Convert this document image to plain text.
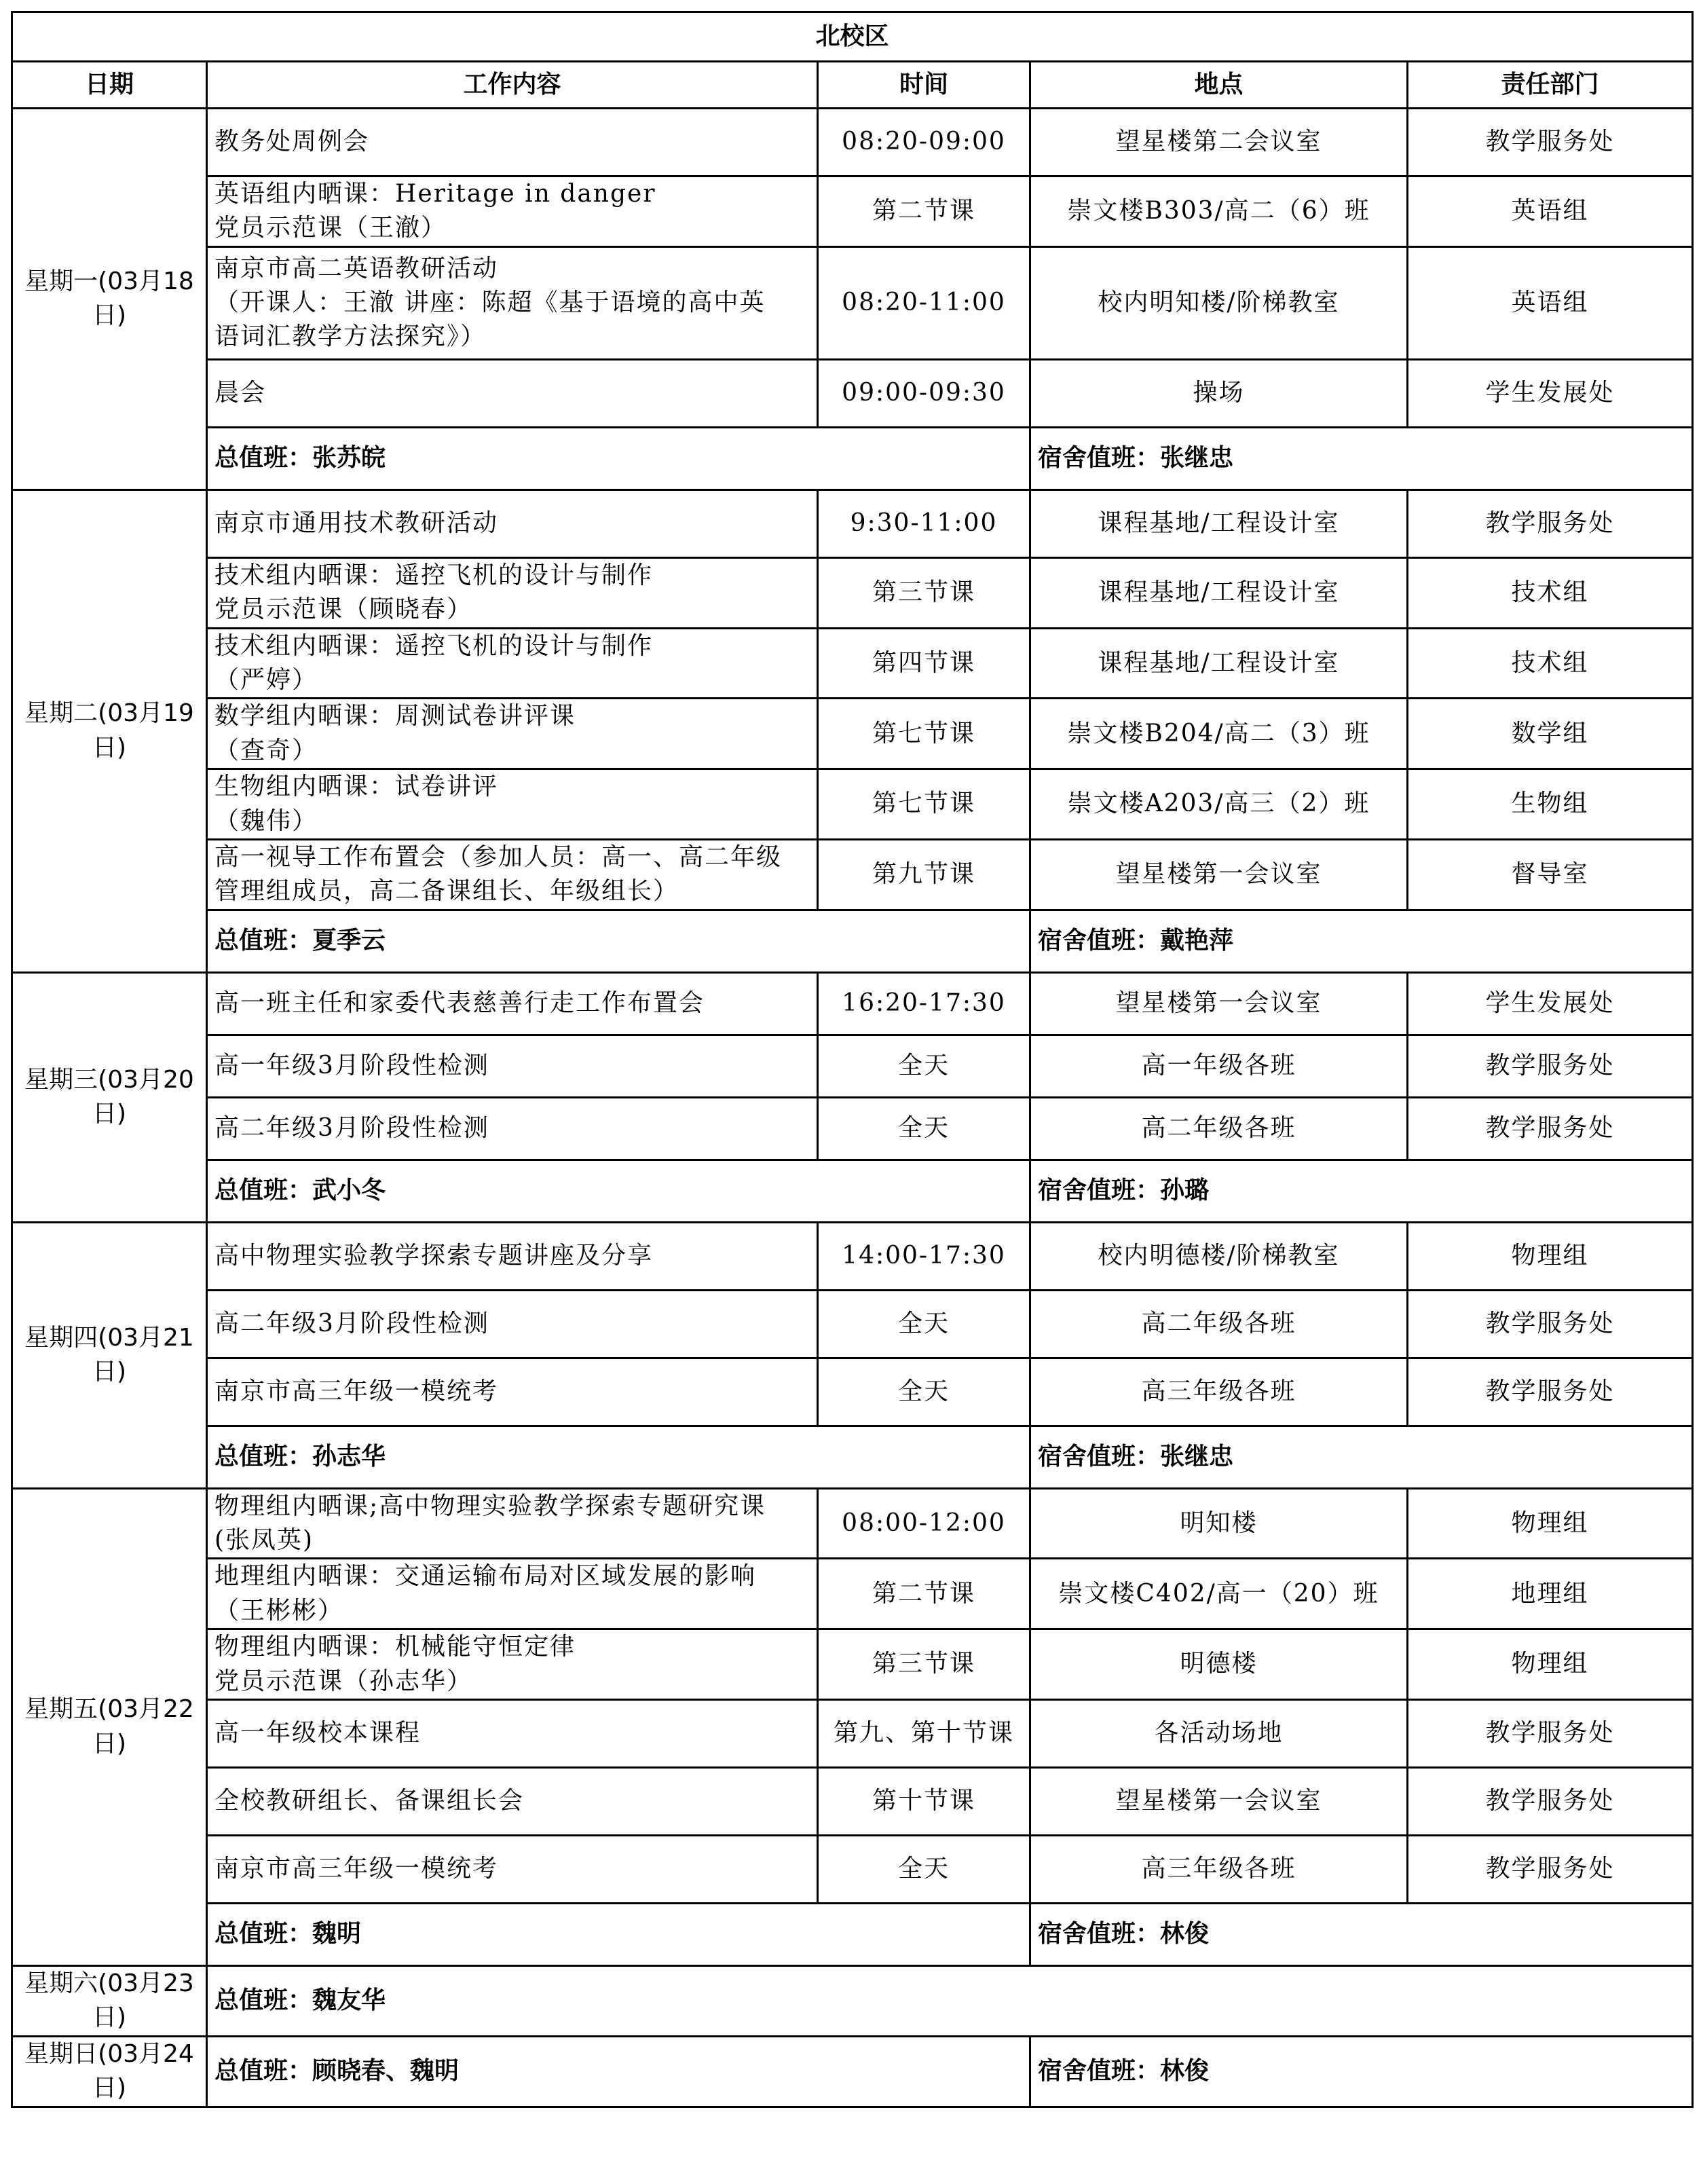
北校区				
日期	工作内容	时间	地点	责任部门
星期一(03月18日)	教务处周例会	08:20-09:00	望星楼第二会议室	教学服务处

	英语组内晒课：Heritage in danger
党员示范课（王澈）	第二节课	崇文楼B303/高二（6）班	英语组

	南京市高二英语教研活动
（开课人：王澈 讲座：陈超《基于语境的高中英
语词汇教学方法探究》）	08:20-11:00	校内明知楼/阶梯教室	英语组

	晨会	09:00-09:30	操场	学生发展处
	总值班：张苏皖		宿舍值班：张继忠	
星期二(03月19日)	南京市通用技术教研活动	9:30-11:00	课程基地/工程设计室	教学服务处

	技术组内晒课：遥控飞机的设计与制作
党员示范课（顾晓春）	第三节课	课程基地/工程设计室	技术组

	技术组内晒课：遥控飞机的设计与制作
（严婷）	第四节课	课程基地/工程设计室	技术组

	数学组内晒课：周测试卷讲评课
（查奇）	第七节课	崇文楼B204/高二（3）班	数学组

	生物组内晒课：试卷讲评
（魏伟）	第七节课	崇文楼A203/高三（2）班	生物组

	高一视导工作布置会（参加人员：高一、高二年级
管理组成员，高二备课组长、年级组长）	第九节课	望星楼第一会议室	督导室
	总值班：夏季云		宿舍值班：戴艳萍	
星期三(03月20日)	高一班主任和家委代表慈善行走工作布置会	16:20-17:30	望星楼第一会议室	学生发展处

	高一年级3月阶段性检测	全天	高一年级各班	教学服务处

	高二年级3月阶段性检测	全天	高二年级各班	教学服务处
	总值班：武小冬		宿舍值班：孙璐	
星期四(03月21日)	高中物理实验教学探索专题讲座及分享	14:00-17:30	校内明德楼/阶梯教室	物理组

	高二年级3月阶段性检测	全天	高二年级各班	教学服务处

	南京市高三年级一模统考	全天	高三年级各班	教学服务处
	总值班：孙志华		宿舍值班：张继忠	
星期五(03月22日)	物理组内晒课;高中物理实验教学探索专题研究课
(张凤英)	08:00-12:00	明知楼	物理组

	地理组内晒课：交通运输布局对区域发展的影响
（王彬彬）	第二节课	崇文楼C402/高一（20）班	地理组

	物理组内晒课：机械能守恒定律
党员示范课（孙志华）	第三节课	明德楼	物理组

	高一年级校本课程	第九、第十节课	各活动场地	教学服务处

	全校教研组长、备课组长会	第十节课	望星楼第一会议室	教学服务处

	南京市高三年级一模统考	全天	高三年级各班	教学服务处
	总值班：魏明		宿舍值班：林俊	
星期六(03月23日)	总值班：魏友华			
星期日(03月24日)	总值班：顾晓春、魏明		宿舍值班：林俊	
